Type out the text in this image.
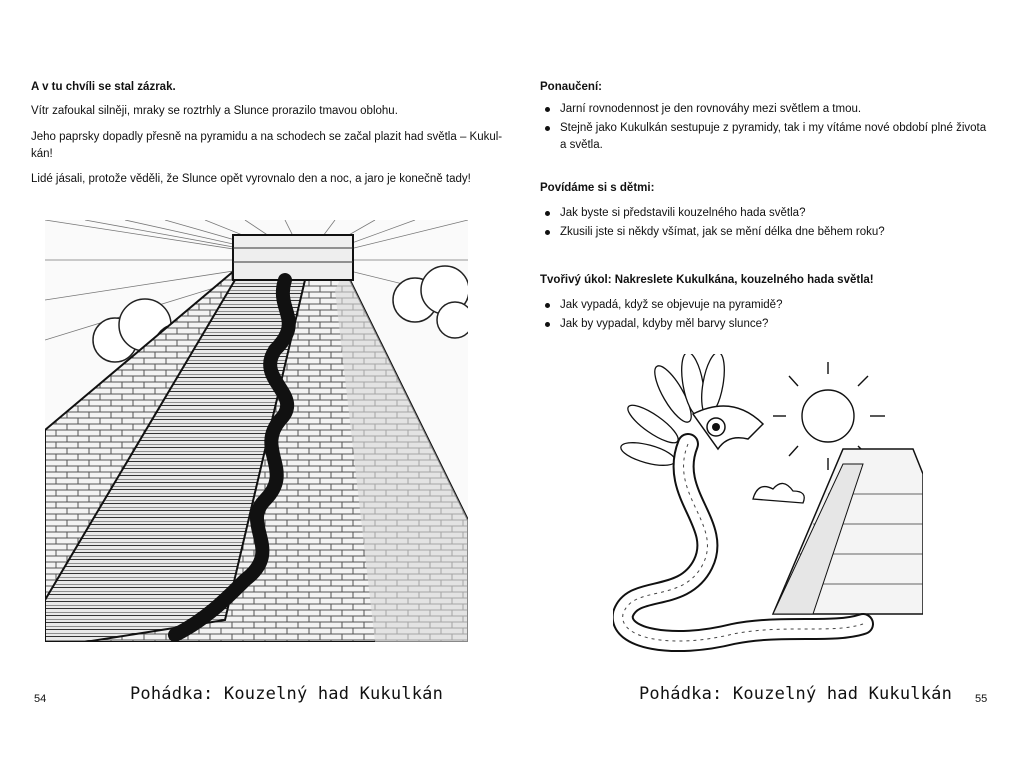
A v tu chvíli se stal zázrak.

Vítr zafoukal silněji, mraky se roztrhly a Slunce prorazilo tmavou oblohu.

Jeho paprsky dopadly přesně na pyramidu a na schodech se začal plazit had světla – Kukul-

kán!

Lidé jásali, protože věděli, že Slunce opět vyrovnalo den a noc, a jaro je konečně tady!

54	Pohádka: Kouzelný had Kukulkán

Ponaučení:

Jarní rovnodennost je den rovnováhy mezi světlem a tmou.
Stejně jako Kukulkán sestupuje z pyramidy, tak i my vítáme nové období plné života
a světla.

Povídáme si s dětmi:

Jak byste si představili kouzelného hada světla?
Zkusili jste si někdy všímat, jak se mění délka dne během roku?

Tvořivý úkol: Nakreslete Kukulkána, kouzelného hada světla!

Jak vypadá, když se objevuje na pyramidě?
Jak by vypadal, kdyby měl barvy slunce?
Pohádka: Kouzelný had Kukulkán 55
